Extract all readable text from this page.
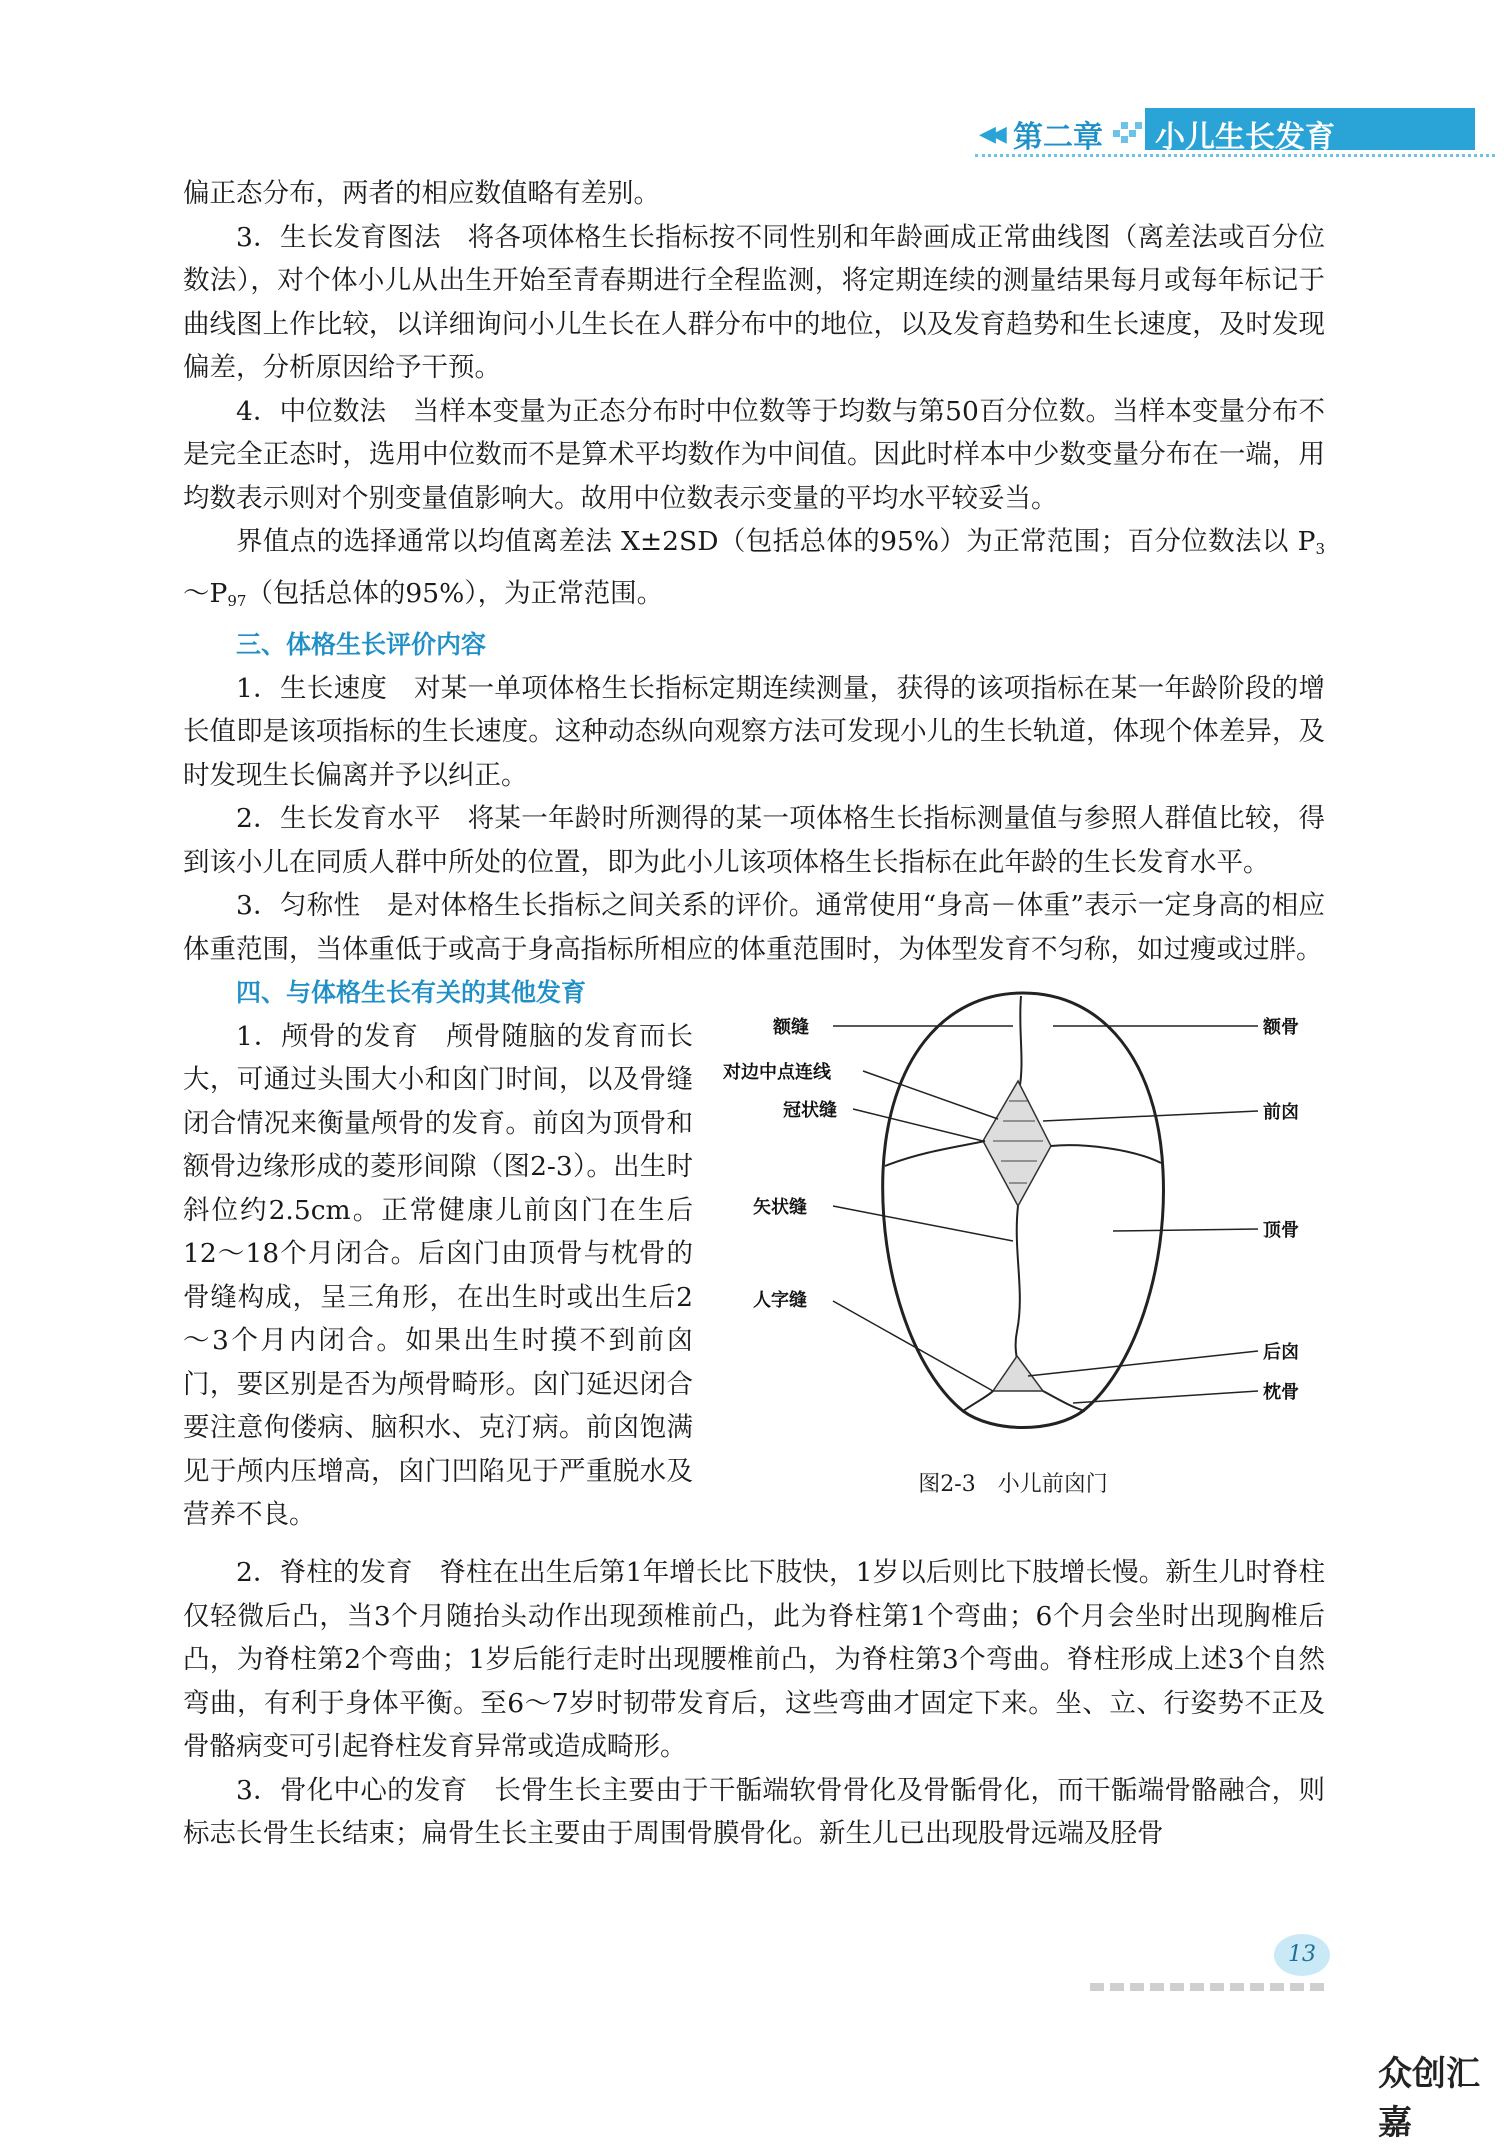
◀◀ 第二章 小儿生长发育

偏正态分布，两者的相应数值略有差别。

3．生长发育图法　将各项体格生长指标按不同性别和年龄画成正常曲线图（离差法或百分位数法），对个体小儿从出生开始至青春期进行全程监测，将定期连续的测量结果每月或每年标记于曲线图上作比较，以详细询问小儿生长在人群分布中的地位，以及发育趋势和生长速度，及时发现偏差，分析原因给予干预。

4．中位数法　当样本变量为正态分布时中位数等于均数与第50百分位数。当样本变量分布不是完全正态时，选用中位数而不是算术平均数作为中间值。因此时样本中少数变量分布在一端，用均数表示则对个别变量值影响大。故用中位数表示变量的平均水平较妥当。

界值点的选择通常以均值离差法 X±2SD（包括总体的95%）为正常范围；百分位数法以 $P_3\sim P_{97}$（包括总体的95%），为正常范围。

三、体格生长评价内容

1．生长速度　对某一单项体格生长指标定期连续测量，获得的该项指标在某一年龄阶段的增长值即是该项指标的生长速度。这种动态纵向观察方法可发现小儿的生长轨道，体现个体差异，及时发现生长偏离并予以纠正。

2．生长发育水平　将某一年龄时所测得的某一项体格生长指标测量值与参照人群值比较，得到该小儿在同质人群中所处的位置，即为此小儿该项体格生长指标在此年龄的生长发育水平。

3．匀称性　是对体格生长指标之间关系的评价。通常使用“身高－体重”表示一定身高的相应体重范围，当体重低于或高于身高指标所相应的体重范围时，为体型发育不匀称，如过瘦或过胖。

四、与体格生长有关的其他发育

1．颅骨的发育　颅骨随脑的发育而长大，可通过头围大小和囟门时间，以及骨缝闭合情况来衡量颅骨的发育。前囟为顶骨和额骨边缘形成的菱形间隙（图2-3）。出生时斜位约2.5cm。正常健康儿前囟门在生后12～18个月闭合。后囟门由顶骨与枕骨的骨缝构成，呈三角形，在出生时或出生后2～3个月内闭合。如果出生时摸不到前囟门，要区别是否为颅骨畸形。囟门延迟闭合要注意佝偻病、脑积水、克汀病。前囟饱满见于颅内压增高，囟门凹陷见于严重脱水及营养不良。

额缝	额骨
对边中点连线
冠状缝	前囟
矢状缝
顶骨
后囟
人字缝
枕骨
图2-3　小儿前囟门

2．脊柱的发育　脊柱在出生后第1年增长比下肢快，1岁以后则比下肢增长慢。新生儿时脊柱仅轻微后凸，当3个月随抬头动作出现颈椎前凸，此为脊柱第1个弯曲；6个月会坐时出现胸椎后凸，为脊柱第2个弯曲；1岁后能行走时出现腰椎前凸，为脊柱第3个弯曲。脊柱形成上述3个自然弯曲，有利于身体平衡。至6～7岁时韧带发育后，这些弯曲才固定下来。坐、立、行姿势不正及骨骼病变可引起脊柱发育异常或造成畸形。

3．骨化中心的发育　长骨生长主要由于干骺端软骨骨化及骨骺骨化，而干骺端骨骼融合，则标志长骨生长结束；扁骨生长主要由于周围骨膜骨化。新生儿已出现股骨远端及胫骨

13
众创汇嘉
